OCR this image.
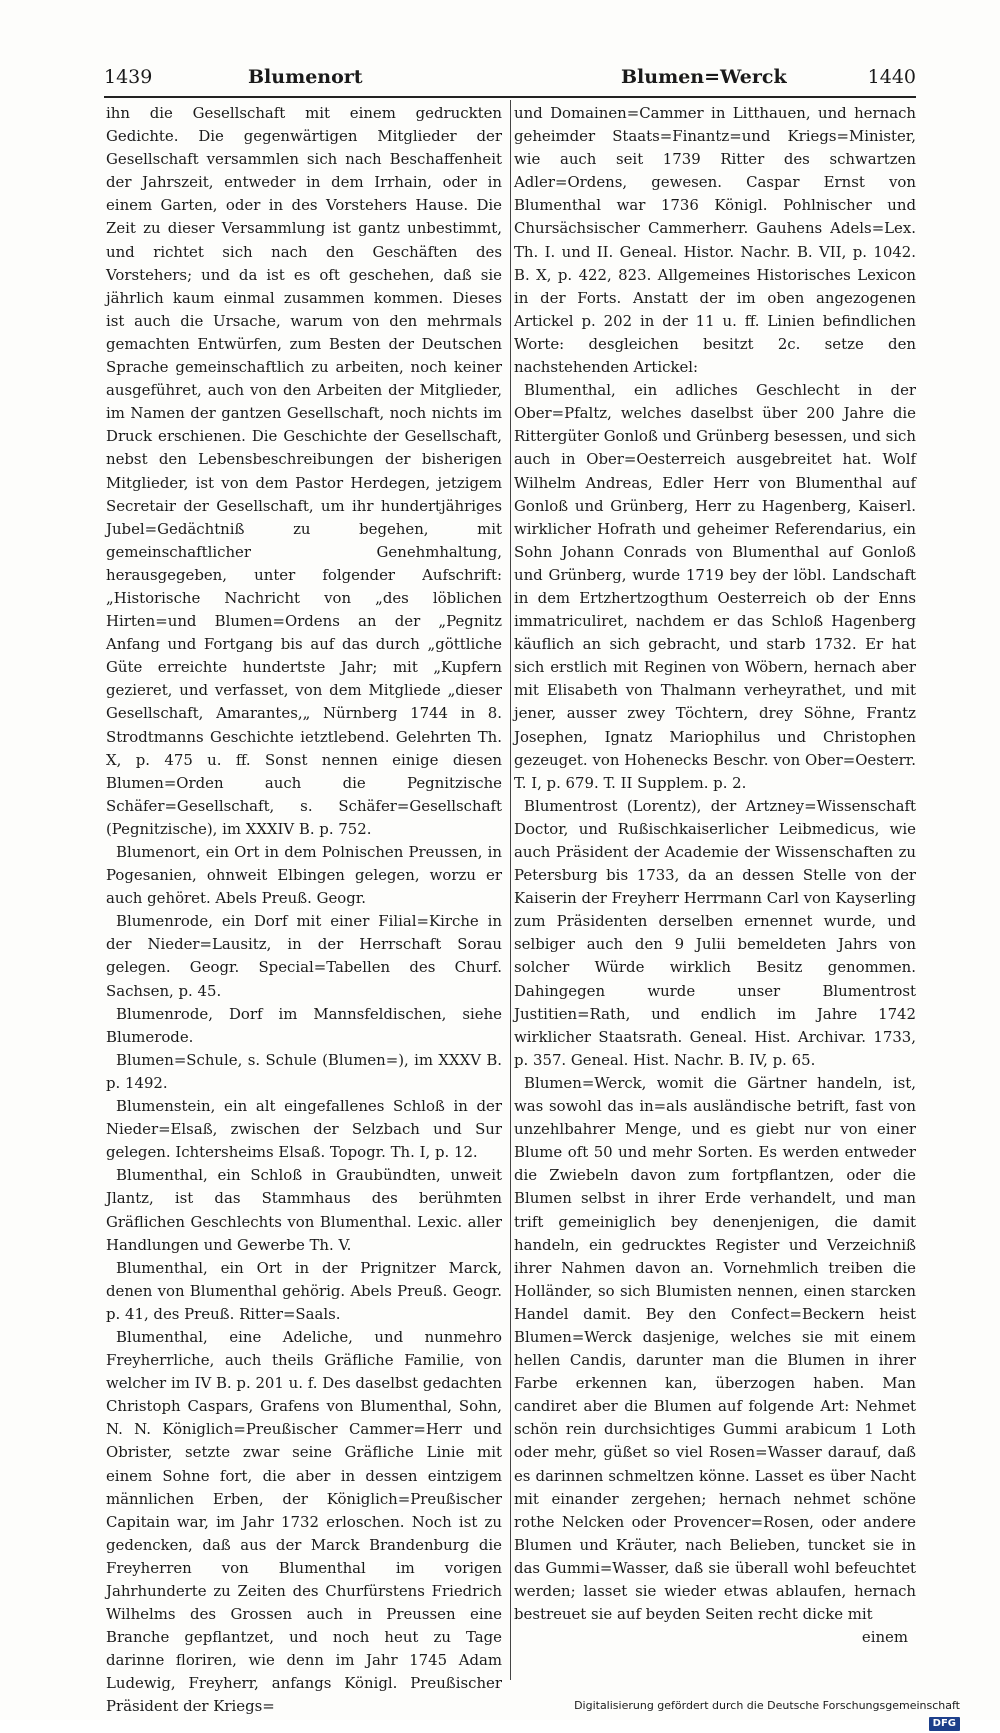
1439	Blumenort	Blumen=Werck	1440

ihn die Gesellschaft mit einem gedruckten Gedichte. Die gegenwärtigen Mitglieder der Gesellschaft versammlen sich nach Beschaffenheit der Jahrszeit, entweder in dem Irrhain, oder in einem Garten, oder in des Vorstehers Hause. Die Zeit zu dieser Versammlung ist gantz unbestimmt, und richtet sich nach den Geschäften des Vorstehers; und da ist es oft geschehen, daß sie jährlich kaum einmal zusammen kommen. Dieses ist auch die Ursache, warum von den mehrmals gemachten Entwürfen, zum Besten der Deutschen Sprache gemeinschaftlich zu arbeiten, noch keiner ausgeführet, auch von den Arbeiten der Mitglieder, im Namen der gantzen Gesellschaft, noch nichts im Druck erschienen. Die Geschichte der Gesellschaft, nebst den Lebensbeschreibungen der bisherigen Mitglieder, ist von dem Pastor Herdegen, jetzigem Secretair der Gesellschaft, um ihr hundertjähriges Jubel=Gedächtniß zu begehen, mit gemeinschaftlicher Genehmhaltung, herausgegeben, unter folgender Aufschrift: „Historische Nachricht von „des löblichen Hirten=und Blumen=Ordens an der „Pegnitz Anfang und Fortgang bis auf das durch „göttliche Güte erreichte hundertste Jahr; mit „Kupfern gezieret, und verfasset, von dem Mitgliede „dieser Gesellschaft, Amarantes,„ Nürnberg 1744 in 8. Strodtmanns Geschichte ietztlebend. Gelehrten Th. X, p. 475 u. ff. Sonst nennen einige diesen Blumen=Orden auch die Pegnitzische Schäfer=Gesellschaft, s. Schäfer=Gesellschaft (Pegnitzische), im XXXIV B. p. 752.

Blumenort, ein Ort in dem Polnischen Preussen, in Pogesanien, ohnweit Elbingen gelegen, worzu er auch gehöret. Abels Preuß. Geogr.

Blumenrode, ein Dorf mit einer Filial=Kirche in der Nieder=Lausitz, in der Herrschaft Sorau gelegen. Geogr. Special=Tabellen des Churf. Sachsen, p. 45.

Blumenrode, Dorf im Mannsfeldischen, siehe Blumerode.

Blumen=Schule, s. Schule (Blumen=), im XXXV B. p. 1492.

Blumenstein, ein alt eingefallenes Schloß in der Nieder=Elsaß, zwischen der Selzbach und Sur gelegen. Ichtersheims Elsaß. Topogr. Th. I, p. 12.

Blumenthal, ein Schloß in Graubündten, unweit Jlantz, ist das Stammhaus des berühmten Gräflichen Geschlechts von Blumenthal. Lexic. aller Handlungen und Gewerbe Th. V.

Blumenthal, ein Ort in der Prignitzer Marck, denen von Blumenthal gehörig. Abels Preuß. Geogr. p. 41, des Preuß. Ritter=Saals.

Blumenthal, eine Adeliche, und nunmehro Freyherrliche, auch theils Gräfliche Familie, von welcher im IV B. p. 201 u. f. Des daselbst gedachten Christoph Caspars, Grafens von Blumenthal, Sohn, N. N. Königlich=Preußischer Cammer=Herr und Obrister, setzte zwar seine Gräfliche Linie mit einem Sohne fort, die aber in dessen eintzigem männlichen Erben, der Königlich=Preußischer Capitain war, im Jahr 1732 erloschen. Noch ist zu gedencken, daß aus der Marck Brandenburg die Freyherren von Blumenthal im vorigen Jahrhunderte zu Zeiten des Churfürstens Friedrich Wilhelms des Grossen auch in Preussen eine Branche gepflantzet, und noch heut zu Tage darinne floriren, wie denn im Jahr 1745 Adam Ludewig, Freyherr, anfangs Königl. Preußischer Präsident der Kriegs=

und Domainen=Cammer in Litthauen, und hernach geheimder Staats=Finantz=und Kriegs=Minister, wie auch seit 1739 Ritter des schwartzen Adler=Ordens, gewesen. Caspar Ernst von Blumenthal war 1736 Königl. Pohlnischer und Chursächsischer Cammerherr. Gauhens Adels=Lex. Th. I. und II. Geneal. Histor. Nachr. B. VII, p. 1042. B. X, p. 422, 823. Allgemeines Historisches Lexicon in der Forts. Anstatt der im oben angezogenen Artickel p. 202 in der 11 u. ff. Linien befindlichen Worte: desgleichen besitzt 2c. setze den nachstehenden Artickel:

Blumenthal, ein adliches Geschlecht in der Ober=Pfaltz, welches daselbst über 200 Jahre die Rittergüter Gonloß und Grünberg besessen, und sich auch in Ober=Oesterreich ausgebreitet hat. Wolf Wilhelm Andreas, Edler Herr von Blumenthal auf Gonloß und Grünberg, Herr zu Hagenberg, Kaiserl. wirklicher Hofrath und geheimer Referendarius, ein Sohn Johann Conrads von Blumenthal auf Gonloß und Grünberg, wurde 1719 bey der löbl. Landschaft in dem Ertzhertzogthum Oesterreich ob der Enns immatriculiret, nachdem er das Schloß Hagenberg käuflich an sich gebracht, und starb 1732. Er hat sich erstlich mit Reginen von Wöbern, hernach aber mit Elisabeth von Thalmann verheyrathet, und mit jener, ausser zwey Töchtern, drey Söhne, Frantz Josephen, Ignatz Mariophilus und Christophen gezeuget. von Hohenecks Beschr. von Ober=Oesterr. T. I, p. 679. T. II Supplem. p. 2.

Blumentrost (Lorentz), der Artzney=Wissenschaft Doctor, und Rußischkaiserlicher Leibmedicus, wie auch Präsident der Academie der Wissenschaften zu Petersburg bis 1733, da an dessen Stelle von der Kaiserin der Freyherr Herrmann Carl von Kayserling zum Präsidenten derselben ernennet wurde, und selbiger auch den 9 Julii bemeldeten Jahrs von solcher Würde wirklich Besitz genommen. Dahingegen wurde unser Blumentrost Justitien=Rath, und endlich im Jahre 1742 wirklicher Staatsrath. Geneal. Hist. Archivar. 1733, p. 357. Geneal. Hist. Nachr. B. IV, p. 65.

Blumen=Werck, womit die Gärtner handeln, ist, was sowohl das in=als ausländische betrift, fast von unzehlbahrer Menge, und es giebt nur von einer Blume oft 50 und mehr Sorten. Es werden entweder die Zwiebeln davon zum fortpflantzen, oder die Blumen selbst in ihrer Erde verhandelt, und man trift gemeiniglich bey denenjenigen, die damit handeln, ein gedrucktes Register und Verzeichniß ihrer Nahmen davon an. Vornehmlich treiben die Holländer, so sich Blumisten nennen, einen starcken Handel damit. Bey den Confect=Beckern heist Blumen=Werck dasjenige, welches sie mit einem hellen Candis, darunter man die Blumen in ihrer Farbe erkennen kan, überzogen haben. Man candiret aber die Blumen auf folgende Art: Nehmet schön rein durchsichtiges Gummi arabicum 1 Loth oder mehr, güßet so viel Rosen=Wasser darauf, daß es darinnen schmeltzen könne. Lasset es über Nacht mit einander zergehen; hernach nehmet schöne rothe Nelcken oder Provencer=Rosen, oder andere Blumen und Kräuter, nach Belieben, tuncket sie in das Gummi=Wasser, daß sie überall wohl befeuchtet werden; lasset sie wieder etwas ablaufen, hernach bestreuet sie auf beyden Seiten recht dicke mit

einem

Digitalisierung gefördert durch die Deutsche Forschungsgemeinschaft DFG
